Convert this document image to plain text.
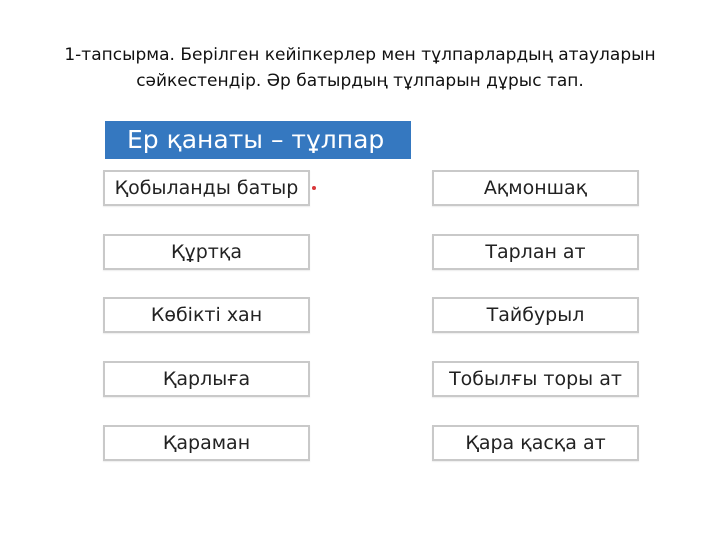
1-тапсырма. Берілген кейіпкерлер мен тұлпарлардың атауларын
сәйкестендір. Әр батырдың тұлпарын дұрыс тап.
Ер қанаты – тұлпар
Қобыланды батыр
Құртқа
Көбікті хан
Қарлыға
Қараман
Ақмоншақ
Тарлан ат
Тайбурыл
Тобылғы торы ат
Қара қасқа ат
